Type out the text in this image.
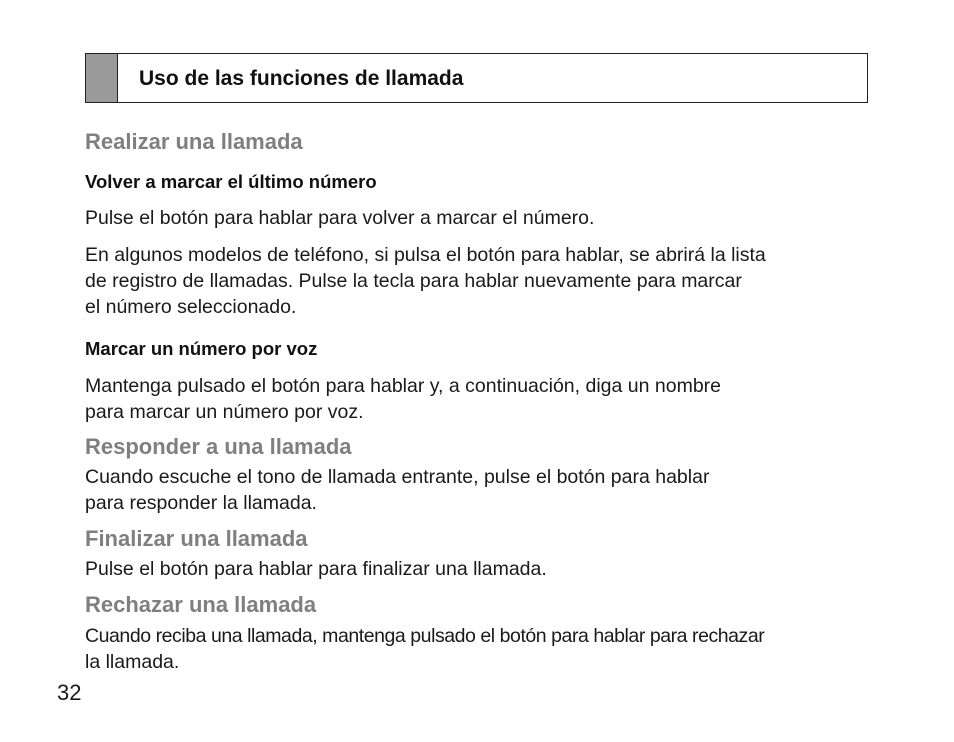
Uso de las funciones de llamada
Realizar una llamada
Volver a marcar el último número

Pulse el botón para hablar para volver a marcar el número.

En algunos modelos de teléfono, si pulsa el botón para hablar, se abrirá la lista

de registro de llamadas. Pulse la tecla para hablar nuevamente para marcar

el número seleccionado.

Marcar un número por voz

Mantenga pulsado el botón para hablar y, a continuación, diga un nombre

para marcar un número por voz.

Responder a una llamada

Cuando escuche el tono de llamada entrante, pulse el botón para hablar

para responder la llamada.

Finalizar una llamada

Pulse el botón para hablar para finalizar una llamada.

Rechazar una llamada

Cuando reciba una llamada, mantenga pulsado el botón para hablar para rechazar

la llamada.

32
